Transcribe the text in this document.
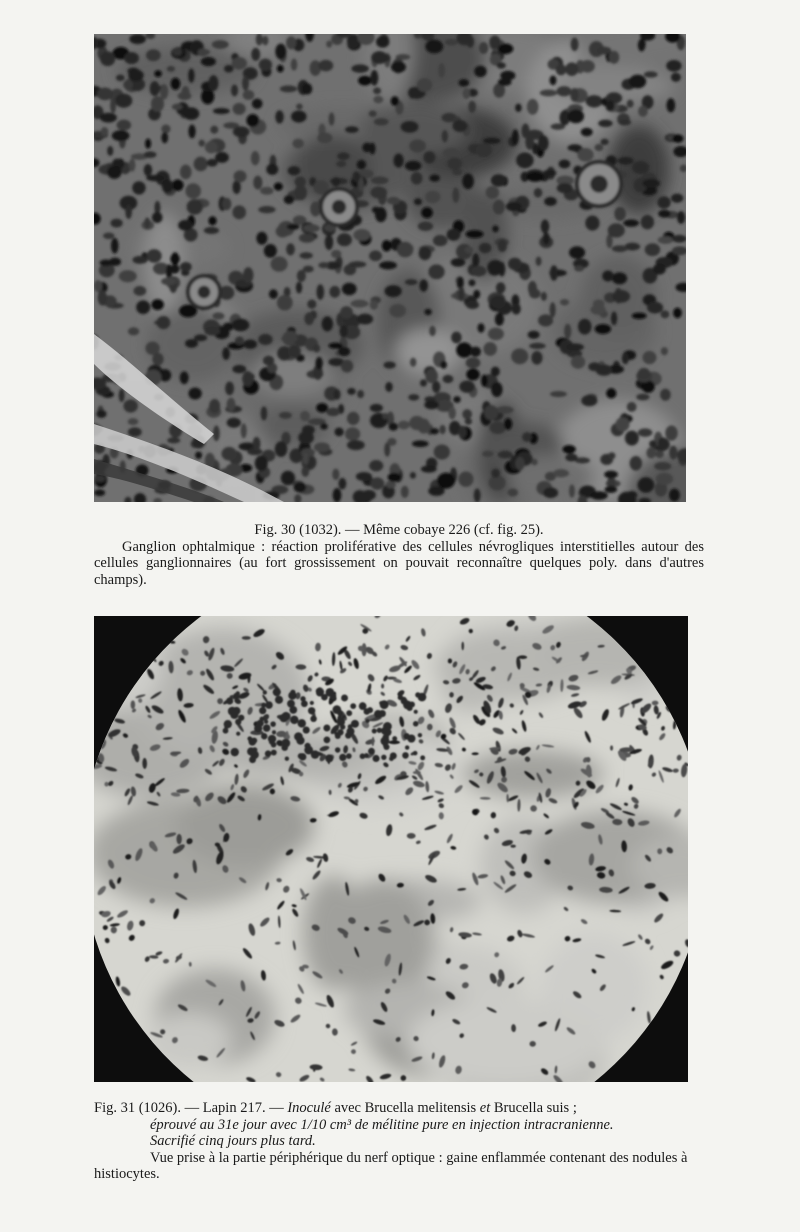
Fig. 30 (1032). — Même cobaye 226 (cf. fig. 25).
Ganglion ophtalmique : réaction proliférative des cellules névrogliques interstitielles autour des cellules ganglionnaires (au fort grossissement on pouvait reconnaître quelques poly. dans d'autres champs).

Fig. 31 (1026). — Lapin 217. — Inoculé avec Brucella melitensis et Brucella suis ;

éprouvé au 31e jour avec 1/10 cm³ de mélitine pure en injection intracranienne.

Sacrifié cinq jours plus tard.

Vue prise à la partie périphérique du nerf optique : gaine enflammée contenant des nodules à histiocytes.
